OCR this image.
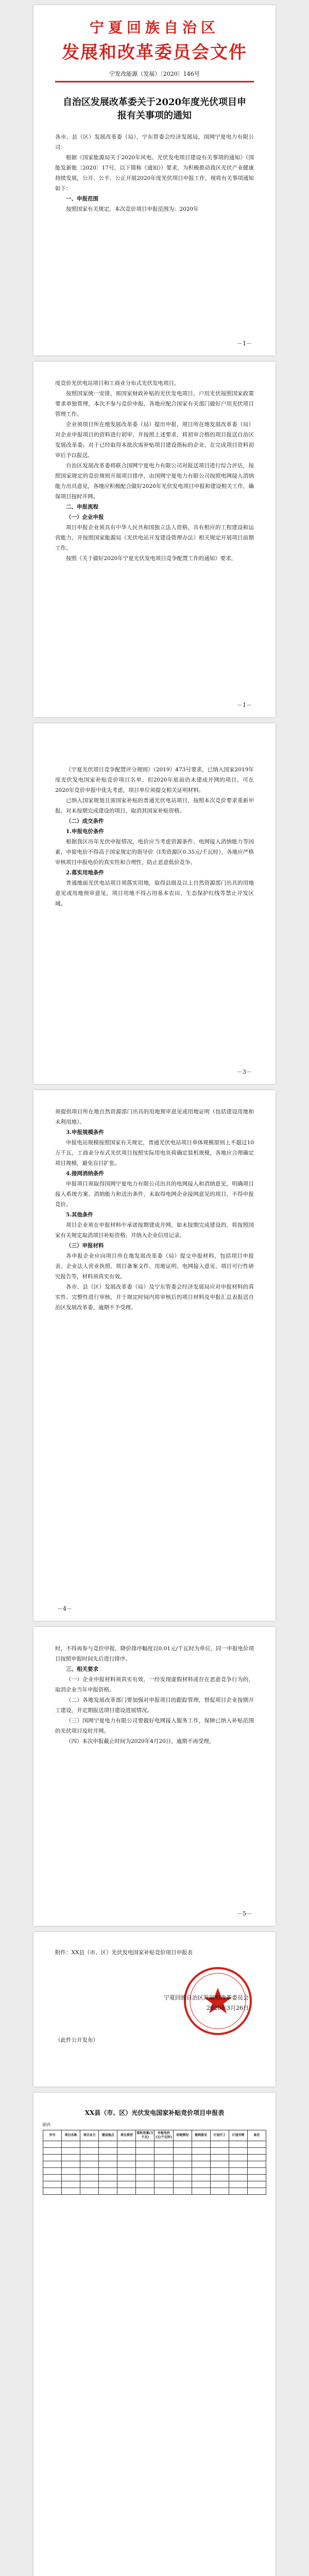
宁夏回族自治区
发展和改革委员会文件
宁发改能源（发展）〔2020〕146号
自治区发展改革委关于2020年度光伏项目申报有关事项的通知

各市、县（区）发展改革委（局），宁东管委会经济发展局，国网宁夏电力有限公司：

根据《国家能源局关于2020年风电、光伏发电项目建设有关事项的通知》（国能发新能〔2020〕17号，以下简称《通知》）要求，为积极推动我区光伏产业健康持续发展，公开、公平、公正开展2020年度光伏项目申报工作，现将有关事项通知如下：

一、申报范围

按照国家有关规定，本次竞价项目申报范围为：2020年

－1－

度竞价光伏电站项目和工商业分布式光伏发电项目。

按照国家统一安排，需国家财政补贴的光伏发电项目，户用光伏按照国家政策要求单独管理，本次不参与竞价申报，各地应配合国家有关部门做好户用光伏项目管理工作。

企业须项目所在地发展改革委（局）提出申报，项目所在地发展改革委（局）对企业申报项目的资料进行初审，并按照上述要求，将初审合格的项目报送自治区发展改革委。对于已经取得本批次需补贴项目建设指标的企业，在完成项目资料初审后予以报送。

自治区发展改革委将联合国网宁夏电力有限公司对报送项目进行综合评估，按照国家规定的竞价规则开展项目排序，由国网宁夏电力有限公司按照电网接入消纳能力出具意见，各地应积极配合做好2020年光伏发电项目申报和建设相关工作，确保项目按时并网。

二、申报流程

（一）企业申报

项目申报企业须具有中华人民共和国独立法人资格，具有相应的工程建设和运营能力，并按照国家能源局《光伏电站开发建设管理办法》相关规定开展项目前期工作。

按照《关于做好2020年宁夏光伏发电项目竞争配置工作的通知》要求，

－1－

《宁夏光伏项目竞争配置评分规则》（2019）473号要求，已纳入国家2019年度光伏发电国家补贴竞价项目名单、但2020年底前仍未建成并网的项目，可在2020年竞价申报中优先考虑，项目单位须提交相关证明材料。

已纳入国家规划且需国家补贴的普通光伏电站项目，按照本次竞价要求重新申报，对未按期完成建设的项目，取消其国家补贴资格。

（二）成交条件

1.申报电价条件

根据我区历年光伏申报情况，电价应当考虑资源条件、电网接入消纳能力等因素，申报电价不得高于国家规定的指导价（I类资源区0.35元/千瓦时），各地应严格审核项目申报电价的真实性和合理性，防止恶意低价竞争。

2.落实用地条件

普通地面光伏电站项目须落实用地，取得县级及以上自然资源部门出具的用地意见或用地预审意见，项目用地不得占用基本农田、生态保护红线等禁止开发区域。

－3－

须提供项目所在地自然资源部门出具的用地预审意见或用地证明（包括建设用地和未利用地）。

3.申报规模条件

申报电站规模按照国家有关规定，普通光伏电站项目单体规模原则上不超过10万千瓦，工商业分布式光伏项目按照实际用电负荷确定装机规模，各地应合理确定项目规模，避免盲目扩张。

4.接网消纳条件

申报项目须取得国网宁夏电力有限公司出具的电网接入和消纳意见，明确项目接入系统方案、消纳能力和送出条件，未取得电网企业接网意见的项目，不得申报竞价。

5.其他条件

项目企业须在申报材料中承诺按期建成并网，如未按期完成建设的，将按照国家有关规定取消项目补贴资格，并纳入企业信用记录。

（三）申报材料

各申报企业应向项目所在地发展改革委（局）提交申报材料，包括项目申报表、企业法人营业执照、项目备案文件、用地证明、电网接入意见、项目可行性研究报告等，材料须真实有效。

各市、县（区）发展改革委（局）及宁东管委会经济发展局应对申报材料的真实性、完整性进行审核，并于规定时间内将审核后的项目材料及申报汇总表报送自治区发展改革委，逾期不予受理。

－4－

时，不得再参与竞价申报，降价排序幅度以0.01元/千瓦时为单位，同一申报电价项目按照申报时间先后进行排序。

三、相关要求

（一）企业申报材料须真实有效，一经发现虚假材料或存在恶意竞争行为的，取消企业当年申报资格。

（二）各地发展改革部门要加强对申报项目的跟踪管理，督促项目企业按期开工建设，并定期报送项目建设进展情况。

（三）国网宁夏电力有限公司要做好电网接入服务工作，保障已纳入补贴范围的光伏项目及时并网。

（四）本次申报截止时间为2020年4月20日，逾期不再受理。

－5－

附件：XX县（市、区）光伏发电国家补贴竞价项目申报表

宁夏回族自治区发展和改革委员会
2020年3月26日
（此件公开发布）
XX县（市、区）光伏发电国家补贴竞价项目申报表
附件
序号	项目名称	项目业主	建设地点	项目类型	装机容量(万千瓦)	申报电价(元/千瓦时)	用地情况	接网意见	计划开工	计划并网	备注
